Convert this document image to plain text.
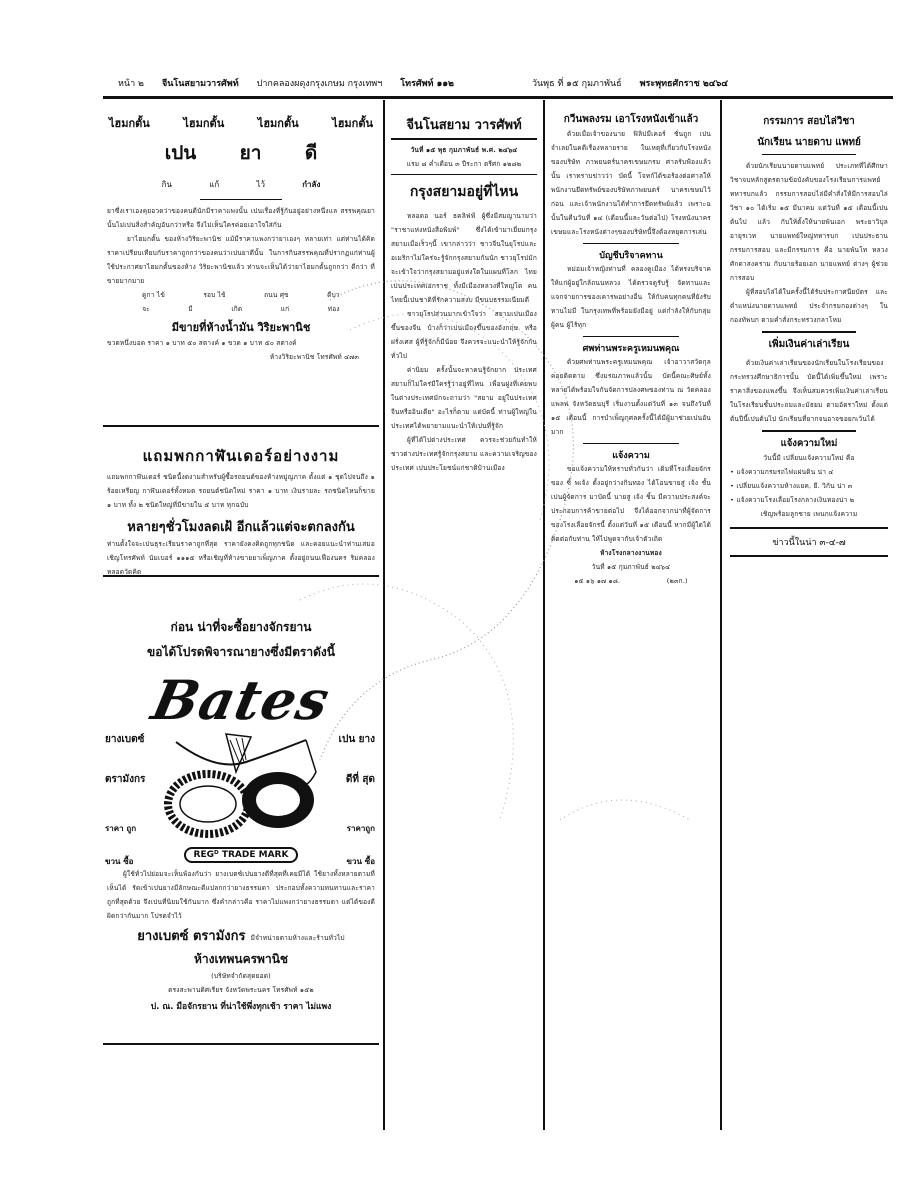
หน้า ๒ จีนโนสยามวารศัพท์ ปากคลองผดุงกรุงเกษม กรุงเทพฯ โทรศัพท์ ๑๑๒	วันพุธ ที่ ๑๕ กุมภาพันธ์ พระพุทธศักราช ๒๔๖๔
ไฮมกตั้น	ไฮมกตั้น	ไฮมกตั้น	ไฮมกตั้น
เปน ยา ดี
กิน	แก้	ไว้	กำลัง

ยาซึ่งเราเองคุยอวดว่าของคนดีนักมีราคาแพงนั้น เปนเรื่องที่รู้กันอยู่อย่างหนึ่งแล สรรพคุณยานั้นไม่เปนสิ่งสำคัญอันกว่าหรือ จึงไม่เห็นใครค่อยเอาใจใส่กัน

ยาไฮมกตั้น ของห้างวิริยะพานิช แม้มีราคาแพงกว่ายาเองๆ หลายเท่า แต่ท่านได้คิดราคาเปรียบเทียบกับราคาถูกกว่าของคนว่าเปนยาดีนั้น ในการกินสรรพคุณที่ปรากฏแก่ท่านผู้ใช้ประกาศยาไฮมกตั้นของห้าง วิริยะพานิชแล้ว ท่านจะเห็นได้ว่ายาไฮมกตั้นถูกกว่า ดีกว่า ที่ขายมากมาย

ดูกา ไข้	รอบ ไข้	ถนน ศุข	ดีบา
จะ	มี	เกิด	แก่	ท่อง
มีขายที่ห้างน้ำมัน วิริยะพานิช

ขวดหนึ่งบอด ราคา ๑ บาท ๕๐ สตางค์ ๑ ขวด ๑ บาท ๕๐ สตางค์

ห้างวิริยะพานิช โทรศัพท์ ๔๗๓
แถมพกกาฬันเดอร์อย่างงาม

แถมพกกาฬันเดอร์ ชนิดนี้งดงามสำหรับผู้ซื้อรถยนต์ของห้างหมู่ญภาค ตั้งแต่ ๑ ชุดไปจนถึง ๑ ร้อยเหรียญ กาฬันเดอร์ทั้งหมด รถยนต์ชนิดใหม่ ราคา ๑ บาท เงินรายละ รถชนิดไหนก็ขาย ๑ บาท ทั้ง ๒ ชนิดใหญ่ที่มีขายใน ๕ บาท ทุกฉบับ

หลายๆชั่วโมงลดเฝ้ อีกแล้วแต่จะตกลงกัน

ท่านตั้งใจจะเปนธุระเรียนราคาถูกที่สุด ราคายังคงคิดถูกทุกชนิด และคอยแนะนำท่านเสมอ เชิญโทรศัพท์ นัมเบอร์ ๑๑๑๕ หรือเชิญที่ห้างขายยาเพ็ญภาค ตั้งอยู่ถนนเฟื่องนคร ริมคลองหลอดวัดคิด

ก่อน น่าที่จะซื้อยางจักรยาน
ขอได้โปรดพิจารณายางซึ่งมีตราดังนี้
Bates
ยางเบตซ์
ตรามังกร
ราคา ถูก
ขวน ซื้อ
เปน ยาง
ดีที่ สุด
ราคาถูก
ขวน ซื้อ
REGᴰ TRADE MARK

ผู้ใช้ทั่วไปย่อมจะเห็นพ้องกันว่า ยางเบตซ์เปนยางดีที่สุดที่เคยมีได้ ใช้ยางทั้งหลายตามที่เห็นได้ รัดเข้าเปนยางมีลักษณะดีแปลกกว่ายางธรรมดา ประกอบทั้งความทนทานและราคาถูกที่สุดด้วย จึงเปนที่นิยมใช้กันมาก ซึ่งคำกล่าวคือ ราคาไม่แพงกว่ายางธรรมดา แต่ได้ของดีผิดกว่ากันมาก โปรดจำไว้

ยางเบตซ์ ตรามังกร มีจำหน่ายตามห้างและร้านทั่วไป
ห้างเทพนครพานิช
(บริษัทจำกัดสุดยอด)
ตรงสะพานดิศเรียร จังหวัดพระนคร โทรศัพท์ ๑๕๒
ป. ณ. มือจักรยาน ที่น่าใช้พึ่งทุกเช้า ราคา ไม่แพง
จีนโนสยาม วารศัพท์
วันที่ ๑๕ พุธ กุมภาพันธ์ พ.ศ. ๒๔๖๔
แรม ๘ ค่ำเดือน ๓ ปีระกา ตรีศก ๑๒๘๒
กรุงสยามอยู่ที่ไหน

หลอดอ นอร์ ธคลิฟฟ์ ผู้ซึ่งมีสมญานามว่า "ราชาแห่งหนังสือพิมพ์" ซึ่งได้เข้ามาเยี่ยมกรุงสยามเมื่อเร็วๆนี้ เขากล่าวว่า ชาวจีนในยุโรปและอเมริกาไม่ใคร่จะรู้จักกรุงสยามกันนัก ชาวยุโรปมักจะเข้าใจว่ากรุงสยามอยู่แห่งใดในแผนที่โลก ไทยเปนประเทศเอกราช ทั้งมีเมืองหลวงที่ใหญ่โต คนไทยนี้เปนชาติที่รักความสงบ มีขนบธรรมเนียมดี

ชาวยุโรปส่วนมากเข้าใจว่า สยามเปนเมืองขึ้นของจีน บ้างก็ว่าเปนเมืองขึ้นของอังกฤษ หรือฝรั่งเศส ผู้ที่รู้จักก็มีน้อย จึงควรจะแนะนำให้รู้จักกันทั่วไป

ค่านิยม ครั้งนั้นจะหาคนรู้จักยาก ประเทศสยามก็ไม่ใคร่มีใครรู้ว่าอยู่ที่ไหน เพื่อนฝูงที่เคยพบในต่างประเทศมักจะถามว่า "สยาม อยู่ในประเทศจีนหรืออินเดีย" อะไรก็ตาม แต่บัดนี้ ท่านผู้ใหญ่ในประเทศได้พยายามแนะนำให้เปนที่รู้จัก

ผู้ที่ได้ไปต่างประเทศ ควรจะช่วยกันทำให้ชาวต่างประเทศรู้จักกรุงสยาม และความเจริญของประเทศ เปนประโยชน์แก่ชาติบ้านเมือง

กวีนพลงรม เอาโรงหนังเข้าแล้ว

ด้วยเมื่อเจ้าของนาย ฟิลิปมีเคอร์ ชั่นถูก เปนจำเลยในคดีเรื่องหลายราย ในเหตุที่เกี่ยวกับโรงหนังของบริษัท ภาพยนตร์นาครเขษมกรม ศาลรับฟ้องแล้วนั้น เราทราบข่าวว่า บัดนี้ โจทก์ได้ขอร้องต่อศาลให้พนักงานยึดทรัพย์ของบริษัทภาพยนตร์ นาครเขษมไว้ก่อน และเจ้าพนักงานได้ทำการยึดทรัพย์แล้ว เพราะฉนั้นในคืนวันที่ ๑๔ (เดือนนี้และวันต่อไป) โรงหนังนาครเขษมและโรงหนังต่างๆของบริษัทนี้จึงต้องหยุดการเล่น

บัญชีบริจาคทาน

หม่อมเจ้าหญิงท่านที่ คลองคูเมือง ได้ทรงบริจาคให้แก่ผู้อยู่ใกล้ถนนหลวง ได้ตรวจดูรับรู้ จัดทานและแจกจ่ายการของเคารพอย่างอื่น ให้กับคนทุกคนที่ยังรับทานไม่มี ในกรุงเทพที่พร้อมยังมีอยู่ แด่กำลังให้กับกลุ่มผู้คน ผู้ไร้ทุก

ศพท่านพระครูเหมนพคุณ

ด้วยศพท่านพระครูเหมนพคุณ เจ้าอาวาสวัดกุลคอยติดตาม ซึ่งมรณภาพแล้วนั้น บัดนี้คณะศิษย์ทั้งหลายได้พร้อมใจกันจัดการปลงศพของท่าน ณ วัดคลองแพลพ จังหวัดธนบุรี เริ่มงานตั้งแต่วันที่ ๑๓ จนถึงวันที่ ๑๕ เดือนนี้ การบำเพ็ญกุศลครั้งนี้ได้มีผู้มาช่วยเปนอันมาก

แจ้งความ

ขอแจ้งความให้ทราบทั่วกันว่า เดิมที่โรงเลื่อยจักรของ ซิ้ พเจ้ง ตั้งอยู่กว่างกินทอง ได้โอนขายสู่ เจ้ง ชั้นเปนผู้จัดการ มาบัดนี้ นายสู เจ้ง ชิ้น มีความประสงค์จะประกอบการค้าขายต่อไป จึงได้ออกจากน่าที่ผู้จัดการของโรงเลื่อยจักรนี้ ตั้งแต่วันที่ ๑๕ เดือนนี้ หากมีผู้ใดได้ติดต่อกับท่าน ให้ไปพูดจากับเจ้าตัวเถิด

ห้างโรงกลางงานทอง
วันที่ ๑๕ กุมภาพันธ์ ๒๔๖๔
๑๕ ๑๖ ๑๗ ๑๘.	(๒๓ก.)
กรรมการ สอบไล่วิชา
นักเรียน นายดาบ แพทย์

ด้วยนักเรียนนายดาบแพทย์ ประเภทที่ได้ศึกษาวิชาจบหลักสูตรตามข้อบังคับของโรงเรียนการแพทย์ ทหารบกแล้ว กรรมการสอบไล่มีคำสั่งให้มีการสอบไล่วิชา ๑๐ ได้เริ่ม ๑๕ มีนาคม แต่วันที่ ๑๕ เดือนนี้เปนต้นไป แล้ว กับให้ตั้งให้นายพันเอก พระยาวิบุลอายุรเวท นายแพทย์ใหญ่ทหารบก เปนประธานกรรมการสอบ และมีกรรมการ คือ นายพันโท หลวงศักดาสงคราม กับนายร้อยเอก นายแพทย์ ต่างๆ ผู้ช่วยการสอบ

ผู้ที่สอบไล่ได้ในครั้งนี้ได้รับประกาศนียบัตร และตำแหน่งนายดาบแพทย์ ประจำกรมกองต่างๆ ในกองทัพบก ตามคำสั่งกระทรวงกลาโหม

เพิ่มเงินค่าเล่าเรียน

ด้วยเงินค่าเล่าเรียนของนักเรียนในโรงเรียนของกระทรวงศึกษาธิการนั้น บัดนี้ได้เพิ่มขึ้นใหม่ เพราะราคาสิ่งของแพงขึ้น จึงเห็นสมควรเพิ่มเงินค่าเล่าเรียนในโรงเรียนชั้นประถมและมัธยม ตามอัตราใหม่ ตั้งแต่ต้นปีนี้เปนต้นไป นักเรียนที่ยากจนอาจขอยกเว้นได้

แจ้งความใหม่
วันนี้มี เปลี่ยนแจ้งความใหม่ คือ
• แจ้งความกรมรถไฟแผ่นดิน น่า ๔
• เปลี่ยนแจ้งความห้างแยค, ยี. วิกัน น่า ๓
• แจ้งความโรงเลื่อยโรงกลางเงินทองน่า ๒
เชิญพร้อมลูกชาย เพนกแจ้งความ
ข่าวนี้ในน่า ๓-๔-๗
